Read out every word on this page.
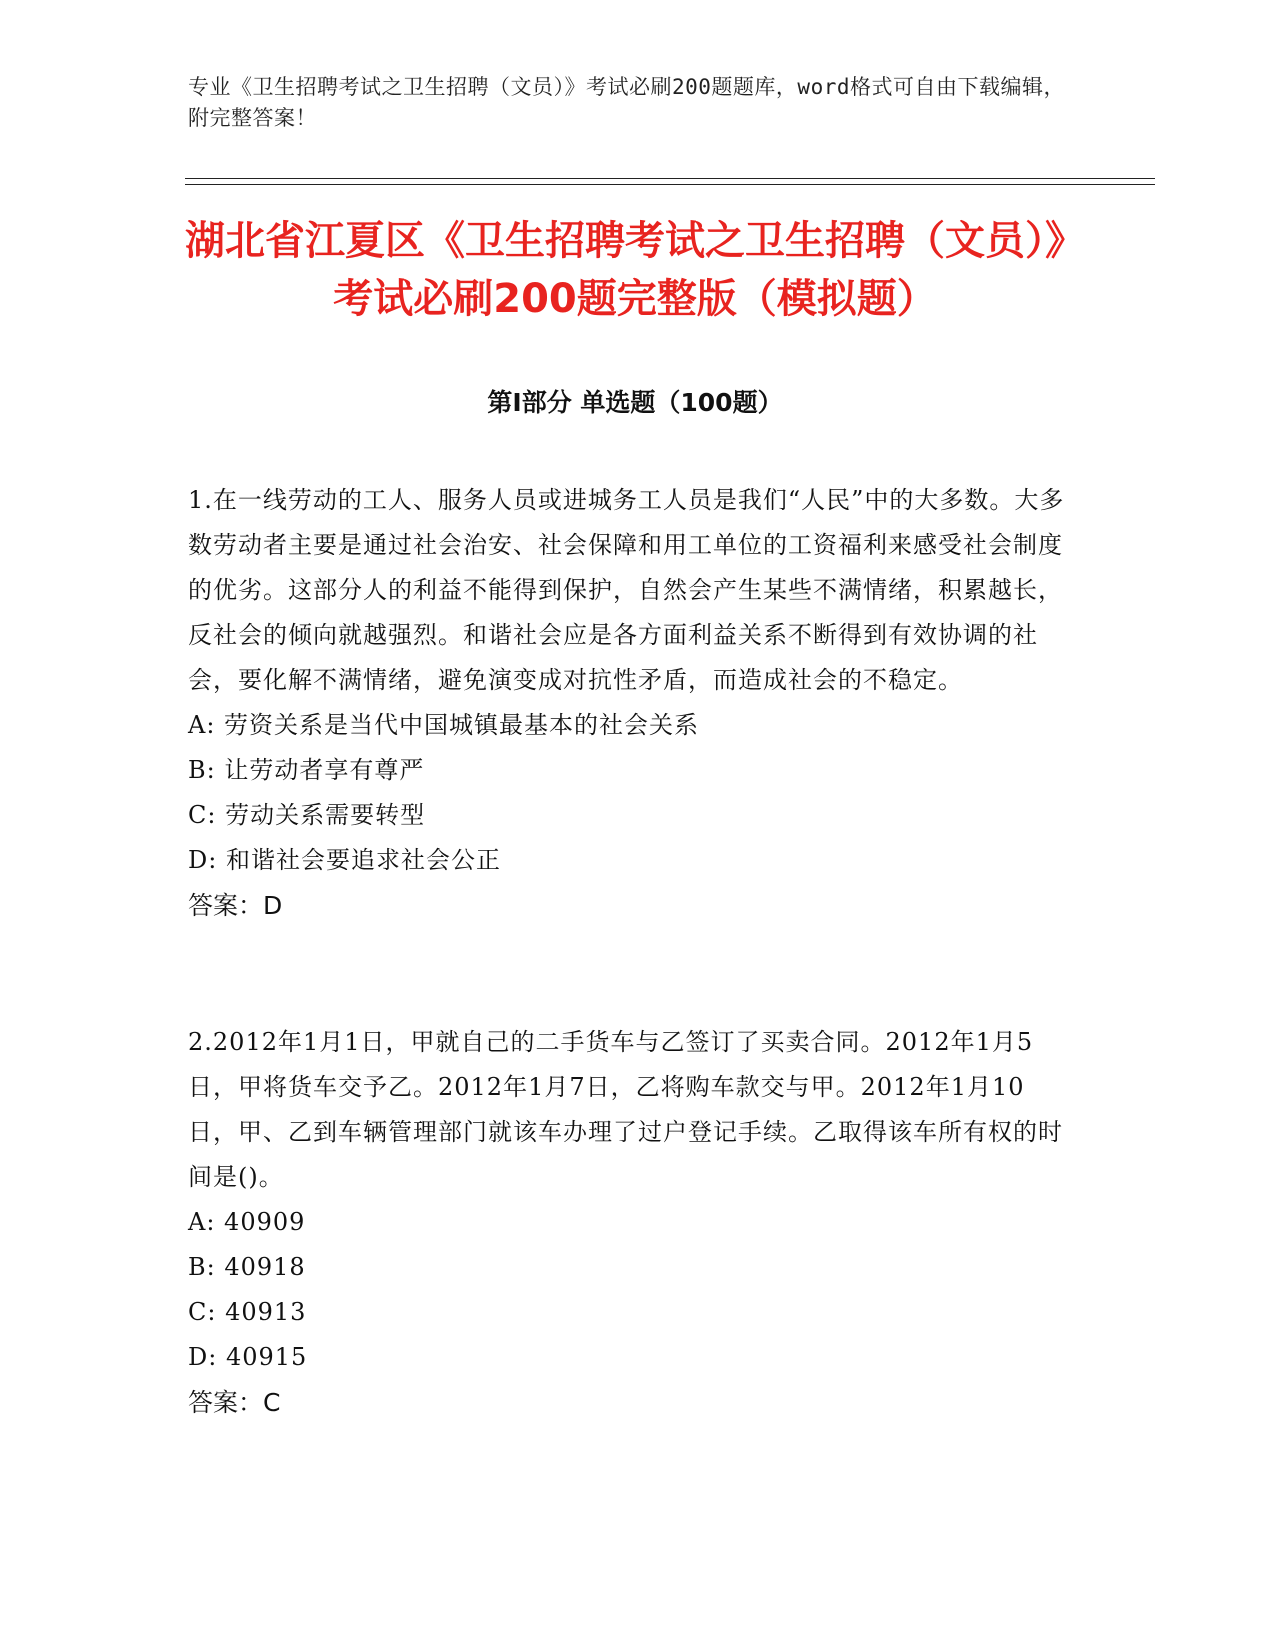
专业《卫生招聘考试之卫生招聘（文员）》考试必刷200题题库，word格式可自由下载编辑，附完整答案！
湖北省江夏区《卫生招聘考试之卫生招聘（文员）》考试必刷200题完整版（模拟题）
第Ⅰ部分 单选题（100题）
1.在一线劳动的工人、服务人员或进城务工人员是我们“人民”中的大多数。大多数劳动者主要是通过社会治安、社会保障和用工单位的工资福利来感受社会制度的优劣。这部分人的利益不能得到保护，自然会产生某些不满情绪，积累越长，反社会的倾向就越强烈。和谐社会应是各方面利益关系不断得到有效协调的社会，要化解不满情绪，避免演变成对抗性矛盾，而造成社会的不稳定。
A: 劳资关系是当代中国城镇最基本的社会关系
B: 让劳动者享有尊严
C: 劳动关系需要转型
D: 和谐社会要追求社会公正
答案：D
2.2012年1月1日，甲就自己的二手货车与乙签订了买卖合同。2012年1月5日，甲将货车交予乙。2012年1月7日，乙将购车款交与甲。2012年1月10日，甲、乙到车辆管理部门就该车办理了过户登记手续。乙取得该车所有权的时间是()。
A: 40909
B: 40918
C: 40913
D: 40915
答案：C
